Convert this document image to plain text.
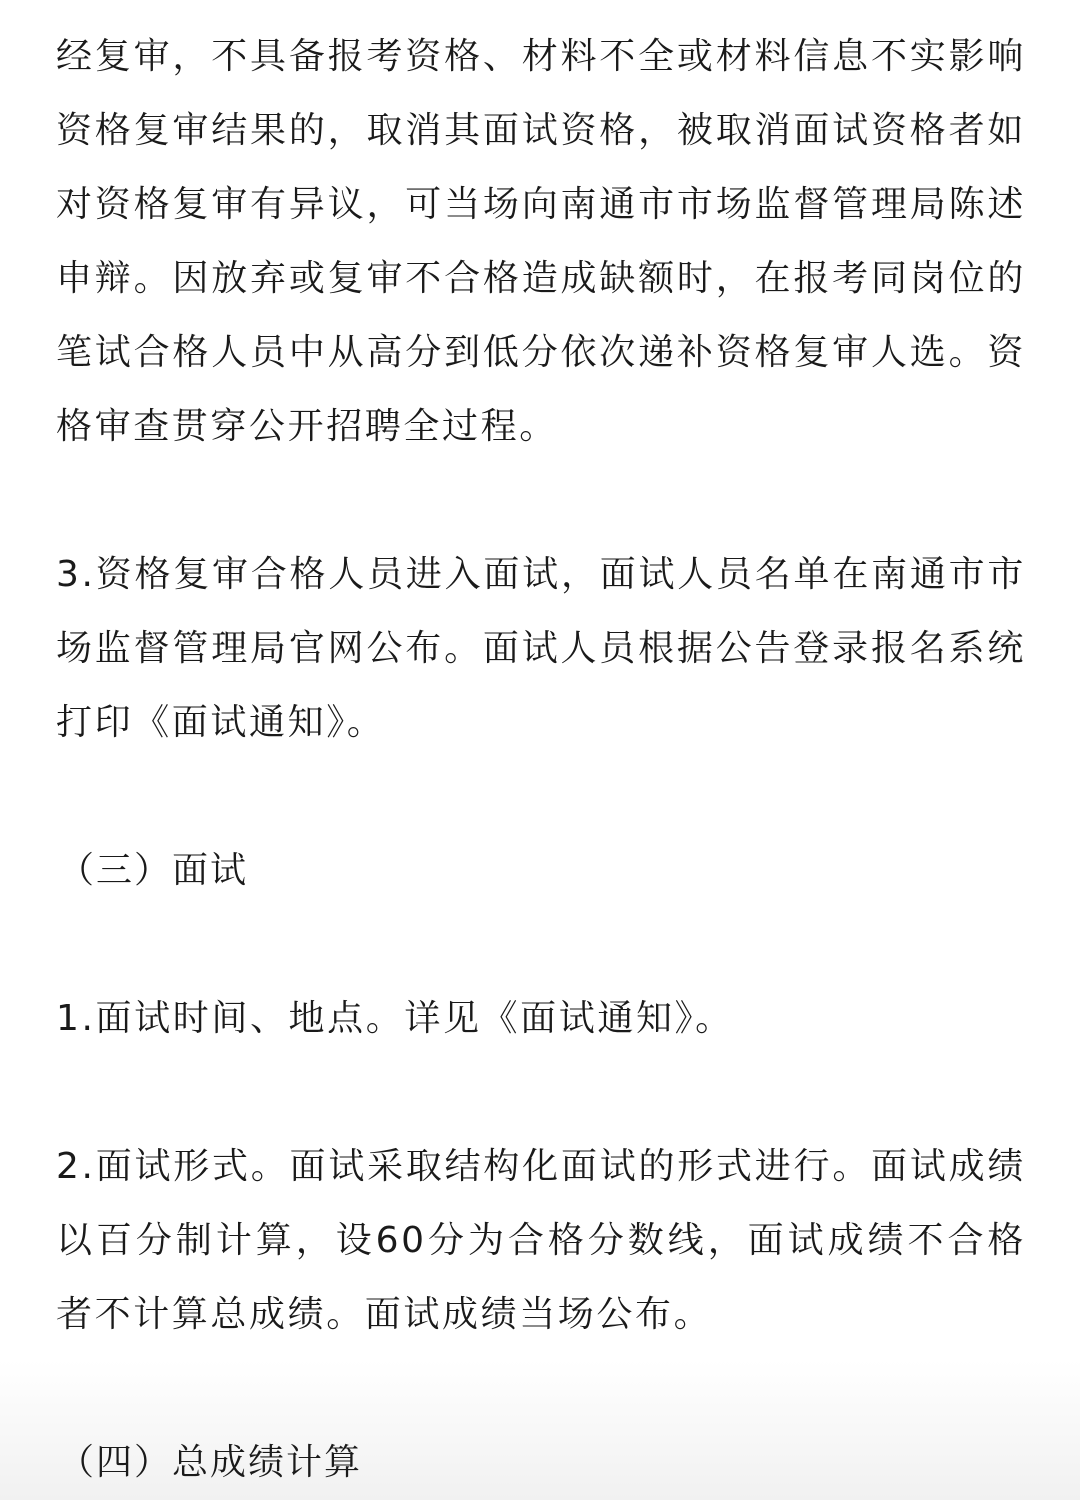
经复审，不具备报考资格、材料不全或材料信息不实影响资格复审结果的，取消其面试资格，被取消面试资格者如对资格复审有异议，可当场向南通市市场监督管理局陈述申辩。因放弃或复审不合格造成缺额时，在报考同岗位的笔试合格人员中从高分到低分依次递补资格复审人选。资格审查贯穿公开招聘全过程。

3.资格复审合格人员进入面试，面试人员名单在南通市市场监督管理局官网公布。面试人员根据公告登录报名系统打印《面试通知》。

（三）面试

1.面试时间、地点。详见《面试通知》。

2.面试形式。面试采取结构化面试的形式进行。面试成绩以百分制计算，设60分为合格分数线，面试成绩不合格者不计算总成绩。面试成绩当场公布。

（四）总成绩计算
